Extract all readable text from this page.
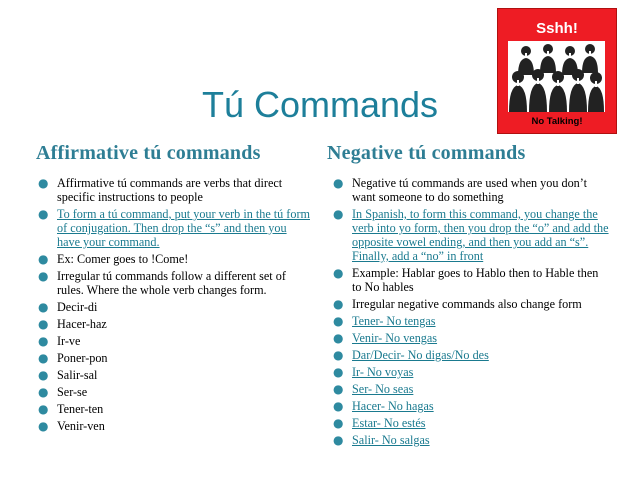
Tú Commands
Affirmative tú commands	Negative tú commands
● Affirmative tú commands are verbs that direct specific instructions to people
● To form a tú command, put your verb in the tú form of conjugation. Then drop the “s” and then you have your command.
● Ex: Comer goes to !Come!
● Irregular tú commands follow a different set of rules. Where the whole verb changes form.
● Decir-di
● Hacer-haz
● Ir-ve
● Poner-pon
● Salir-sal
● Ser-se
● Tener-ten
● Venir-ven
● Negative tú commands are used when you don’t want someone to do something
● In Spanish, to form this command, you change the verb into yo form, then you drop the “o” and add the opposite vowel ending, and then you add an “s”. Finally, add a “no” in front
● Example: Hablar goes to Hablo then to Hable then to No hables
● Irregular negative commands also change form
● Tener- No tengas
● Venir- No vengas
● Dar/Decir- No digas/No des
● Ir- No voyas
● Ser- No seas
● Hacer- No hagas
● Estar- No estés
● Salir- No salgas
Sshh!
No Talking!
